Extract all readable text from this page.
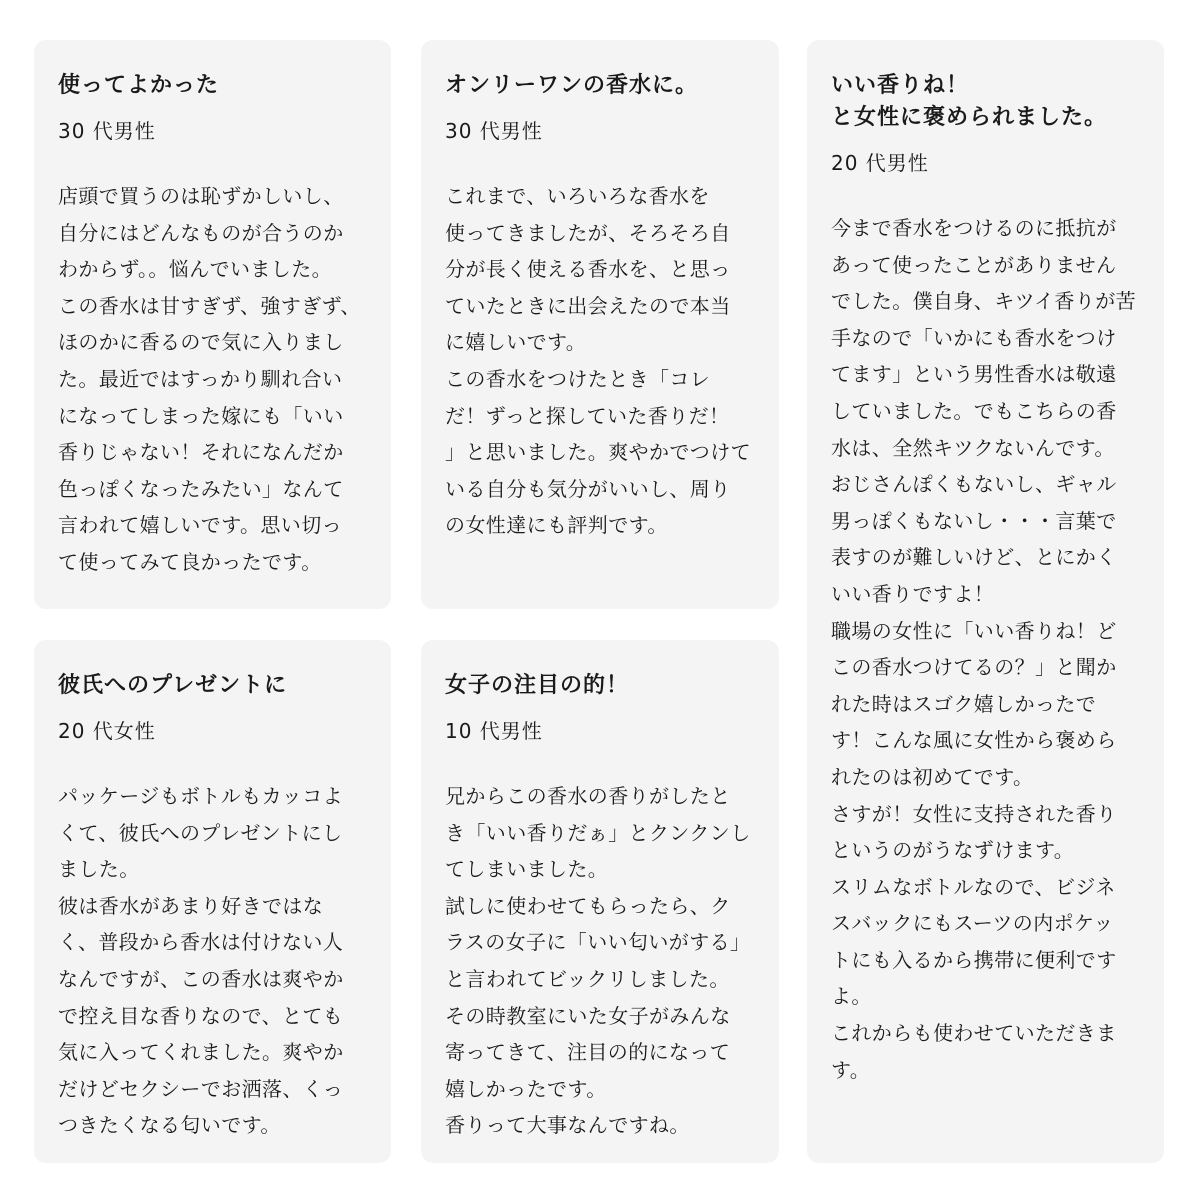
使ってよかった

30 代男性

店頭で買うのは恥ずかしいし、
自分にはどんなものが合うのか
わからず。。悩んでいました。
この香水は甘すぎず、強すぎず、
ほのかに香るので気に入りまし
た。最近ではすっかり馴れ合い
になってしまった嫁にも「いい
香りじゃない！それになんだか
色っぽくなったみたい」なんて
言われて嬉しいです。思い切っ
て使ってみて良かったです。

オンリーワンの香水に。

30 代男性

これまで、いろいろな香水を
使ってきましたが、そろそろ自
分が長く使える香水を、と思っ
ていたときに出会えたので本当
に嬉しいです。
この香水をつけたとき「コレ
だ！ずっと探していた香りだ！
」と思いました。爽やかでつけて
いる自分も気分がいいし、周り
の女性達にも評判です。

いい香りね！
と女性に褒められました。

20 代男性

今まで香水をつけるのに抵抗が
あって使ったことがありません
でした。僕自身、キツイ香りが苦
手なので「いかにも香水をつけ
てます」という男性香水は敬遠
していました。でもこちらの香
水は、全然キツクないんです。
おじさんぽくもないし、ギャル
男っぽくもないし・・・言葉で
表すのが難しいけど、とにかく
いい香りですよ！
職場の女性に「いい香りね！ど
この香水つけてるの？」と聞か
れた時はスゴク嬉しかったで
す！こんな風に女性から褒めら
れたのは初めてです。
さすが！女性に支持された香り
というのがうなずけます。
スリムなボトルなので、ビジネ
スバックにもスーツの内ポケッ
トにも入るから携帯に便利です
よ。
これからも使わせていただきま
す。

彼氏へのプレゼントに

20 代女性

パッケージもボトルもカッコよ
くて、彼氏へのプレゼントにし
ました。
彼は香水があまり好きではな
く、普段から香水は付けない人
なんですが、この香水は爽やか
で控え目な香りなので、とても
気に入ってくれました。爽やか
だけどセクシーでお洒落、くっ
つきたくなる匂いです。

女子の注目の的！

10 代男性

兄からこの香水の香りがしたと
き「いい香りだぁ」とクンクンし
てしまいました。
試しに使わせてもらったら、ク
ラスの女子に「いい匂いがする」
と言われてビックリしました。
その時教室にいた女子がみんな
寄ってきて、注目の的になって
嬉しかったです。
香りって大事なんですね。
